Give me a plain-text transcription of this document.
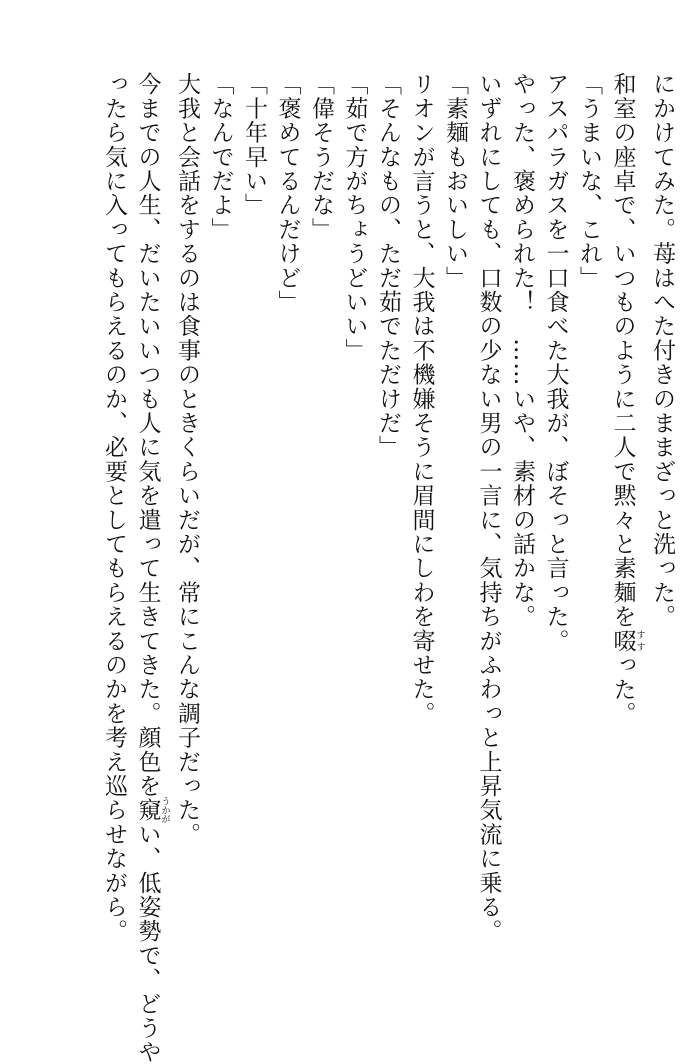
にかけてみた。苺はへた付きのままざっと洗った。
和室の座卓で、いつものように二人で黙々と素麺を啜 すすった。
「うまいな、これ」
アスパラガスを一口食べた大我が、ぼそっと言った。
やった、褒められた！　……いや、素材の話かな。
いずれにしても、口数の少ない男の一言に、気持ちがふわっと上昇気流に乗る。
「素麺もおいしい」
リオンが言うと、大我は不機嫌そうに眉間にしわを寄せた。
「そんなもの、ただ茹でただけだ」
「茹で方がちょうどいい」
「偉そうだな」
「褒めてるんだけど」
「十年早い」
「なんでだよ」
大我と会話をするのは食事のときくらいだが、常にこんな調子だった。
今までの人生、だいたいいつも人に気を遣って生きてきた。顔色を窺 うかがい、低姿勢で、どうや
ったら気に入ってもらえるのか、必要としてもらえるのかを考え巡らせながら。
